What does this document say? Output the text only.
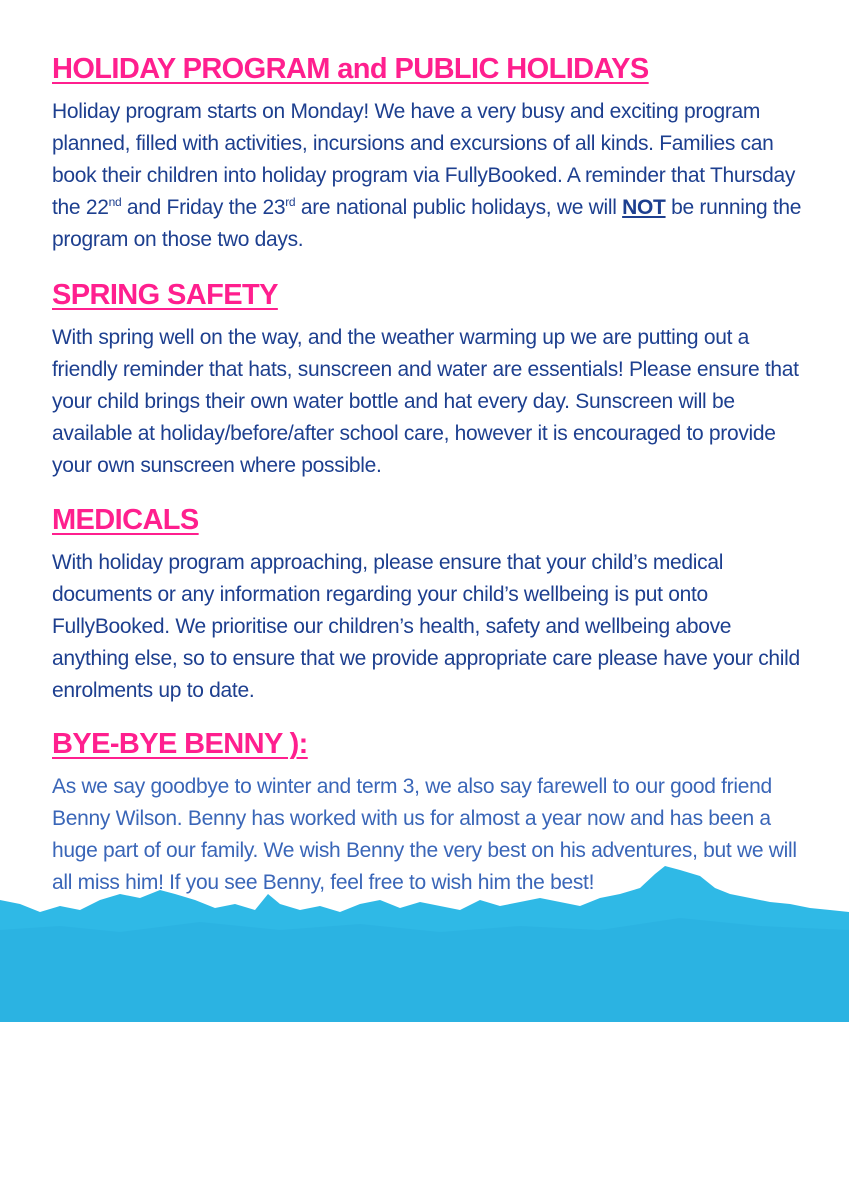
HOLIDAY PROGRAM and PUBLIC HOLIDAYS

Holiday program starts on Monday! We have a very busy and exciting program planned, filled with activities, incursions and excursions of all kinds. Families can book their children into holiday program via FullyBooked. A reminder that Thursday the 22nd and Friday the 23rd are national public holidays, we will NOT be running the program on those two days.

SPRING SAFETY

With spring well on the way, and the weather warming up we are putting out a friendly reminder that hats, sunscreen and water are essentials! Please ensure that your child brings their own water bottle and hat every day. Sunscreen will be available at holiday/before/after school care, however it is encouraged to provide your own sunscreen where possible.

MEDICALS

With holiday program approaching, please ensure that your child’s medical documents or any information regarding your child’s wellbeing is put onto FullyBooked. We prioritise our children’s health, safety and wellbeing above anything else, so to ensure that we provide appropriate care please have your child enrolments up to date.

BYE-BYE BENNY ):

As we say goodbye to winter and term 3, we also say farewell to our good friend Benny Wilson. Benny has worked with us for almost a year now and has been a huge part of our family. We wish Benny the very best on his adventures, but we will all miss him! If you see Benny, feel free to wish him the best!
